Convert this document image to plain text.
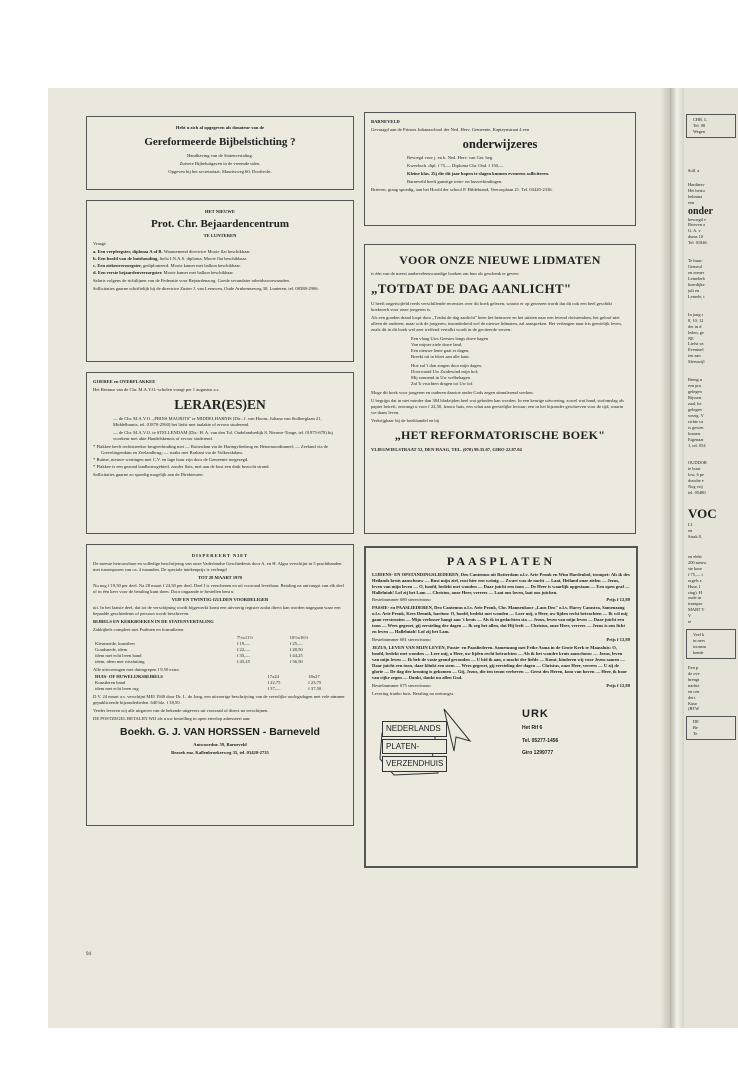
CHR. L
Tel. 08
Wegen
Soll. a
Hardinxv
Het bestu
helmina
een
onder
bevoegd v
Brieven a
G. A. v
dums 10
Tel. 01846
Te huur:
Gemeul
en zomer
Lemelerb
boerdijke
juli en
Lemele, t
In jong r
8, 10, 12
der in d
leden, ge
NE
Liefst va
Eventuel
ten aan
Sleeuwijl
Breng u
een pra
gelegen
Rijssen.
zaal, ke
gelegen
wezig. V
richte ca
is gewen
komen.
Eigenaar
1, tel. 054
OUDDOR
te huur
low, 6 pe
douche e
Nog vrij
tel. 05480
VOC
LI
en
Sisak 8,
en elekt
200 nieuw
ste kour
f 75,— t
orgels v
Huur, I
ring). H
oude in
transpor
MART V
V
te
Veel k
in nerv
toonsm
kende
Een p
de ove
brengt
nachte
en cen
deri.
Kuur
(BTW
DE
Be
Te

Hebt u zich al opgegeven als donateur van de

Gereformeerde Bijbelstichting ?

Handhaving van de Statenvertaling.

Zuivere Bijbeluitgaven in de vreemde talen.

Opgeven bij het secretariaat, Mauritsweg 60, Dordrecht.

HET NIEUWE

Prot. Chr. Bejaardencentrum

TE LUNTEREN

Vraagt:

a. Een verpleegster, diploma A of B. Waarnemend directrice Mooie flat beschikbaar.
b. Een hoofd van de huishouding, liefst I.N.A.S. diploma. Mooie flat beschikbaar.
c. Een ziekenverzorgster, gediplomeerd. Mooie kamer met balkon beschikbaar.
d. Een eerste bejaardenverzorgster. Mooie kamer met balkon beschikbaar.

Salaris volgens de richtlijnen van de Federatie voor Bejaardenzorg. Goede secundaire arbeidsvoorwaarden.

Sollicitaties gaarne schriftelijk bij de directrice Zuster J. van Leeuwen, Oude Arnhemseweg 30, Lunteren, tel. 08388-2906.

GOEREE en OVERFLAKKEE

Het Bestuur van de Chr. M.A.V.O.-scholen vraagt per 1 augustus a.s.

LERAR(ES)EN

— de Chr. M.A.V.O. „PRINS MAURITS" te MIDDELHARNIS (Dir.: J. van Hoorn, Juliana van Stolberglaan 21, Middelharnis, tel. 01870-2560) het liefst met taalakte of ervoor studerend.

— de Chr. M.A.V.O. te STELLENDAM (Dir.: H. A. van den Tol, Oudelandsedijk 8, Nieuwe-Tonge, tel. 01875-678) bij voorkeur met akte Handelskennis of ervoor studerend.

* Flakkee heeft rechtstreekse brugverbinding met — Rotterdam via de Haringvlietbrug en Heinenoordtunnel; — Zeeland via de Grevelingendam en Zeelandbrug; — straks met Brabant via de Volkerakdam.
* Ruime, nieuwe woningen met C.V. en lage huur zijn door de Gemeente toegezegd.
* Flakkee is een gezond landbouwgebied, zonder flats, met aan de kust een druk bezocht strand.

Sollicitaties gaarne zo spoedig mogelijk aan de Direkteuren.

DISPEREERT NIET

De meeste betrouwbare en volledige beschrijving van onze Vaderlandse Geschiedenis door A. en H. Algra verschijnt in 5 prachtbanden met tussenpozen van ca. 4 maanden. De speciale intekenprijs is verlengd

TOT 28 MAART 1970

Nu nog f 19,50 per deel. Na 28 maart f 24,50 per deel. Deel I is verschenen en uit voorraad leverbaar. Betaling na ontvangst van elk deel of in één keer voor de betaling kunt doen. Door ongaande te bestellen bent u

VIJF EN TWINTIG GULDEN VOORDELIGER

uit. In het laatste deel, dat tot de verschijning wordt bijgewerkt komt een uitvoerig register zodat direct kan worden nagegaan waar een bepaalde geschiedenis of persoon wordt beschreven.

BIJBELS EN KERKBOEKEN IN DE STATENVERTALING

Zakbijbels compleet met Psalmen en formulieren

	7½x11½	10½x16½
Kleursnede, kunstleer	f 19,—	f 25,—
Goudsnede, idem	f 22,—	f 28,50
idem met echt leren band	f 35,—	f 44,25
idem, idem met ritssluiting	f 45,25	f 56,50

Alle uitvoeringen met duimgrepen f 9,50 extra.

HUIS- OF HUWELIJKSBIJBELS	17x24	18x27
Kunstleren band	f 22,75	f 23,75
idem met echt leren rug	f 37,—	f 37,50

D.V. 24 maart a.s. verschijnt MEI 1940 door Dr. L. de Jong, een uitvoerige beschrijving van de vreselijke oorlogsdagen met vele nimmer gepubliceerde bijzonderheden. 640 blz. f 18,50.

Verder leveren wij alle uitgaven van de bekende uitgevers uit voorraad of direct na verschijnen.

DE POSTZEGEL BETALEN WIJ als u uw bestelling in open envelop adresseert aan:

Boekh. G. J. VAN HORSSEN - Barneveld

Antwoordnr. 59, Barneveld

Bezoek enz. Kallenbroekerweg 35, tel. 03420-2735

BARNEVELD

Gevraagd aan de Prinses Julianaschool der Ned. Herv. Gemeente, Kapteynstraat 4 een

onderwijzeres

Bevoegd voor j. en k. Ned. Herv. van Ger. beg.

Kweeksch. dipl. f 75,— Diploma Chr. Ond. f 150,—

Kleine klas. Zij die dit jaar hopen te slagen kunnen eveneens solliciteren.

Barneveld heeft gunstige trein- en busverbindingen.

Brieven, graag spoedig, aan het Hoofd der school P. Hildebrand, Veerooplaan 21. Tel. 03420-2336.

VOOR ONZE NIEUWE LIDMATEN

is één van de meest aanbevelenswaardige boeken om hun als geschenk te geven:

„TOTDAT DE DAG AANLICHT"

U heeft ongetwijfeld reeds verschillende recensies over dit boek gelezen, waarin er op gewezen wordt dat dit ook een heel geschikt boekwerk voor onze jongeren is.

Als een gouden draad loopt door „Totdat de dag aanlicht" heen het heimwee en het uitzien naar een levend christendom, het geloof niet alleen de ouderen, maar ook de jongeren, inzonderheid wel de nieuwe lidmaten, zal aanspreken. Het verlangen naar fris geestelijk leven, zoals dit in dit boek wel zeer treffend vertolkt wordt in de geciteerde verzen:

Een vlaag Uws Geestes langs dorre hagen
Van mijner ziele dorre land,
Een nieuwe lente gaat er dagen,
Breekt uit in bloei aan alle kant.
Hoe zal 't dan zingen door mijn dagen,
Doorwaaid Uw Zuidewind mijn hof;
Mij zonnend in Uw welbehagen
Zal 'k vruchten dragen tot Uw lof.

Moge dit boek voor jongeren en ouderen daartoe onder Gods zegen stimulerend werken.

U begrijpt dat in niet minder dan 384 bladzijden heel wat geboden kan worden. In een keurige uitvoering, zowel wat band, stofomslag als papier betreft, ontvangt u voor f 22,50, franco huis, een schat aan geestelijke lectuur; een in het bijzonder geschreven voor de tijd, waarin we thans leven.

Verkrijgbaar bij de boekhandel en bij

„HET REFORMATORISCHE BOEK"

VLIEGWIELSTRAAT 52, DEN HAAG, TEL. (070) 99.35.07, GIRO 22.87.04

PAASPLATEN

LIJDENS- EN OPSTANDINGSLIEDEREN, Deo Cantemus uit Rotterdam o.l.v. Arie Pronk en Wim Hardenbol, trompet: Als ik des Heilands kruis aanschouw — Rust mijn ziel, rust hier een weinig — Zwart was de nacht — Laat, Heiland onze zielen — Jezus, leven van mijn leven — O, hoofd, bedekt met wonden — Daar juicht een toon — De Heer is waarlijk opgestaan — Een open graf — Halleluiah! Lof zij het Lam — Christus, onze Heer, verrees — Laat ons loven, laat ons juichen.

Bestelnummer 680 stereo/mono	Prijs f 12,80

PASSIE- en PAASLIEDEREN, Deo Cantemus o.l.v. Arie Pronk, Chr. Mannenkoor „Laus Deo" o.l.v. Harry Camstra, Samenzang o.l.v. Arie Pronk, Kees Dennik, bariton: O, hoofd, bedekt met wonden — Loer mij, o Heer, uw lijden recht betrachten — Ik wil mij gaan verstrooien — Mijn verlosser hangt aan 't kruis — Als ik in gedachten sta — Jezus, leven van mijn leven — Daar juicht een toon — Wees gegroet, gij eersteling der dagen — Ik zeg het allen, dat Hij leeft — Christus, onze Heer, verrees — Jezus is ons licht en leven — Halleluiah! Lof zij het Lam.

Bestelnummer 681 stereo/mono	Prijs f 12,80

JEZUS, LEVEN VAN MIJN LEVEN, Passie- en Paasliederen. Samenzang met Feike Asma in de Grote Kerk te Maassluis: O, hoofd, bedekt met wonden — Leer mij, o Heer, uw lijden recht betrachten — Als ik het wondre kruis aanschouw — Jezus, leven van mijn leven — Ik heb de vaste grond gevonden — U bid ik aan, o macht der liefde — Komt, kinderen wij voor Jezus samen — Daar juicht een toon, daar klinkt een stem — Wees gegroet, gij eersteling der dagen — Christus, onze Heer, verrees — U zij de glorie — De dag der kroning is gekomen — Gij, Jezus, die ten troon verheven — Geest des Heren, kom van boven — Heer, ik hoor van rijke zegen — Dankt, dankt nu allen God.

Bestelnummer 675 stereo/mono	Prijs f 12,80

Levering franko huis. Betaling na ontvangst.

NEDERLANDS
PLATEN-
VERZENDHUIS
URK
Het Rif 6
Tel. 05277-1456
Giro 1299777
94
